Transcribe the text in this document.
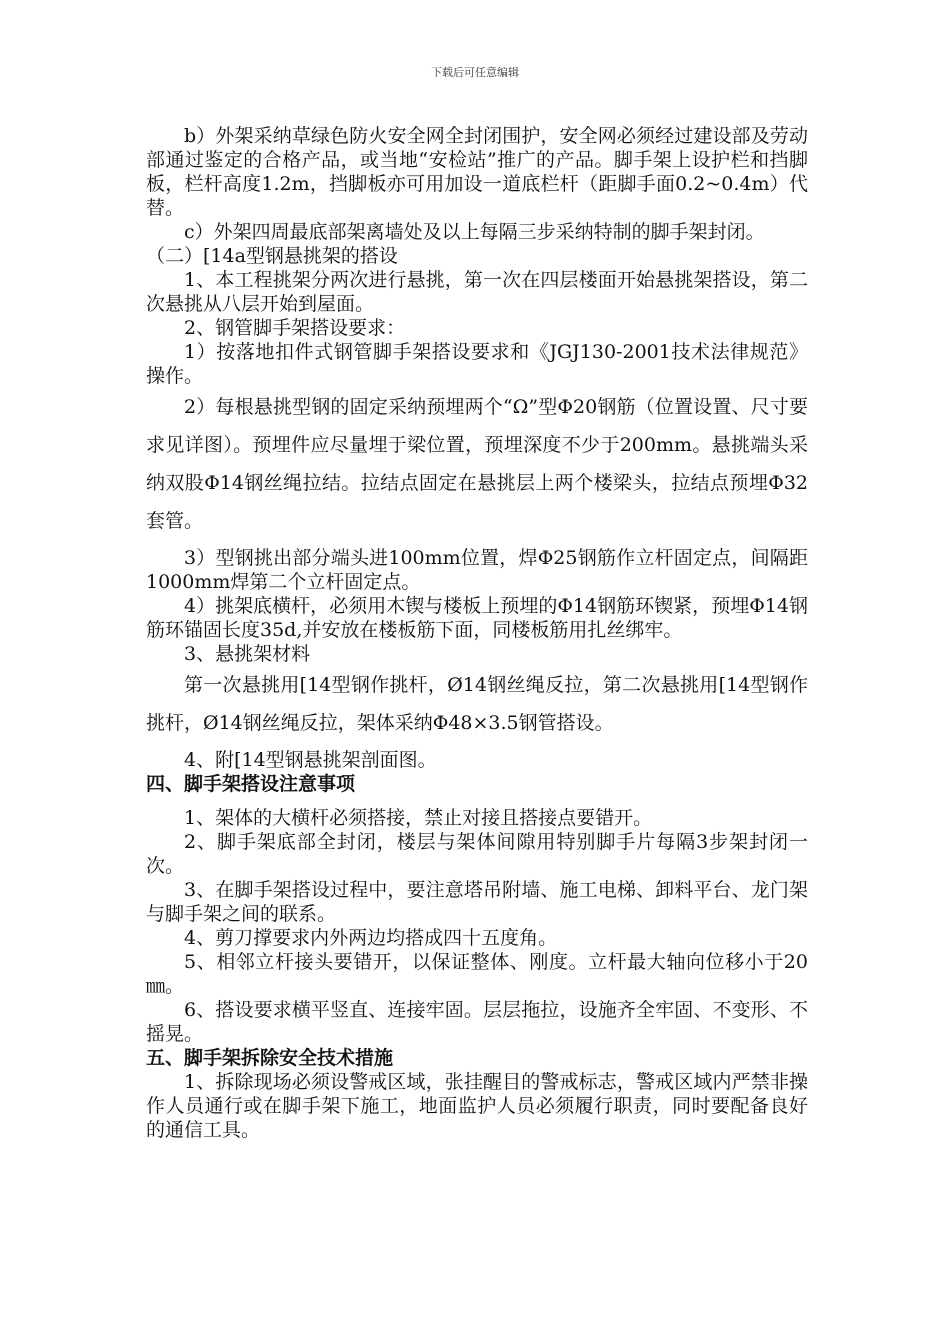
下载后可任意编辑

b）外架采纳草绿色防火安全网全封闭围护，安全网必须经过建设部及劳动部通过鉴定的合格产品，或当地“安检站”推广的产品。脚手架上设护栏和挡脚板，栏杆高度1.2m，挡脚板亦可用加设一道底栏杆（距脚手面0.2~0.4m）代替。

c）外架四周最底部架离墙处及以上每隔三步采纳特制的脚手架封闭。

（二）[14a型钢悬挑架的搭设

1、本工程挑架分两次进行悬挑，第一次在四层楼面开始悬挑架搭设，第二次悬挑从八层开始到屋面。

2、钢管脚手架搭设要求：

1）按落地扣件式钢管脚手架搭设要求和《JGJ130-2001技术法律规范》操作。

2）每根悬挑型钢的固定采纳预埋两个“Ω”型Φ20钢筋（位置设置、尺寸要求见详图）。预埋件应尽量埋于梁位置，预埋深度不少于200mm。悬挑端头采纳双股Φ14钢丝绳拉结。拉结点固定在悬挑层上两个楼梁头，拉结点预埋Φ32套管。

3）型钢挑出部分端头进100mm位置，焊Φ25钢筋作立杆固定点，间隔距1000mm焊第二个立杆固定点。

4）挑架底横杆，必须用木锲与楼板上预埋的Φ14钢筋环锲紧，预埋Φ14钢筋环锚固长度35d,并安放在楼板筋下面，同楼板筋用扎丝绑牢。

3、悬挑架材料

第一次悬挑用[14型钢作挑杆，Ø14钢丝绳反拉，第二次悬挑用[14型钢作挑杆，Ø14钢丝绳反拉，架体采纳Φ48×3.5钢管搭设。

4、附[14型钢悬挑架剖面图。

四、脚手架搭设注意事项

1、架体的大横杆必须搭接，禁止对接且搭接点要错开。

2、脚手架底部全封闭，楼层与架体间隙用特别脚手片每隔3步架封闭一次。

3、在脚手架搭设过程中，要注意塔吊附墙、施工电梯、卸料平台、龙门架与脚手架之间的联系。

4、剪刀撑要求内外两边均搭成四十五度角。

5、相邻立杆接头要错开，以保证整体、刚度。立杆最大轴向位移小于20㎜。

6、搭设要求横平竖直、连接牢固。层层拖拉，设施齐全牢固、不变形、不摇晃。

五、脚手架拆除安全技术措施

1、拆除现场必须设警戒区域，张挂醒目的警戒标志，警戒区域内严禁非操作人员通行或在脚手架下施工，地面监护人员必须履行职责，同时要配备良好的通信工具。
